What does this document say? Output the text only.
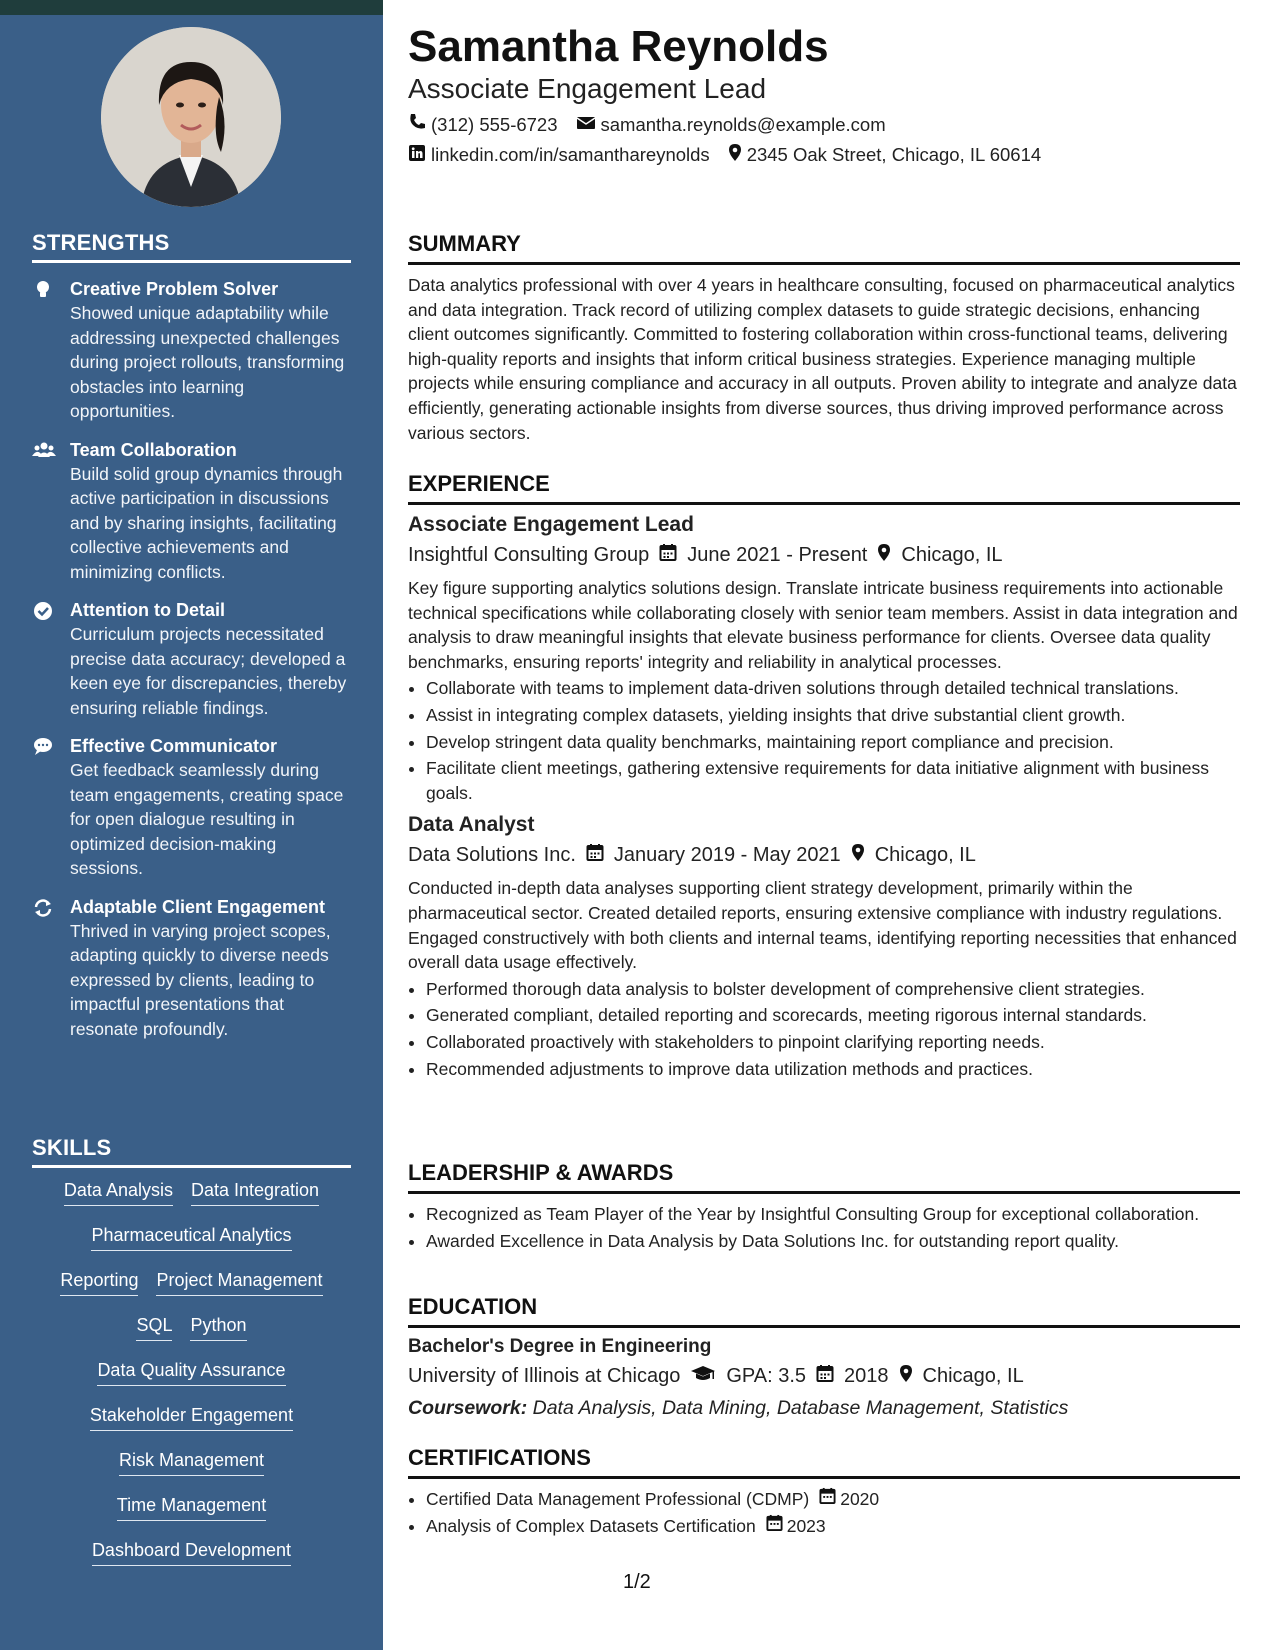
STRENGTHS
Creative Problem Solver
Showed unique adaptability while addressing unexpected challenges during project rollouts, transforming obstacles into learning opportunities.
Team Collaboration
Build solid group dynamics through active participation in discussions and by sharing insights, facilitating collective achievements and minimizing conflicts.
Attention to Detail
Curriculum projects necessitated precise data accuracy; developed a keen eye for discrepancies, thereby ensuring reliable findings.
Effective Communicator
Get feedback seamlessly during team engagements, creating space for open dialogue resulting in optimized decision-making sessions.
Adaptable Client Engagement
Thrived in varying project scopes, adapting quickly to diverse needs expressed by clients, leading to impactful presentations that resonate profoundly.
SKILLS
Data Analysis Data Integration
Pharmaceutical Analytics
Reporting Project Management
SQL Python
Data Quality Assurance
Stakeholder Engagement
Risk Management
Time Management
Dashboard Development
Samantha Reynolds
Associate Engagement Lead
(312) 555-6723 samantha.reynolds@example.com
linkedin.com/in/samanthareynolds 2345 Oak Street, Chicago, IL 60614
SUMMARY

Data analytics professional with over 4 years in healthcare consulting, focused on pharmaceutical analytics and data integration. Track record of utilizing complex datasets to guide strategic decisions, enhancing client outcomes significantly. Committed to fostering collaboration within cross-functional teams, delivering high-quality reports and insights that inform critical business strategies. Experience managing multiple projects while ensuring compliance and accuracy in all outputs. Proven ability to integrate and analyze data efficiently, generating actionable insights from diverse sources, thus driving improved performance across various sectors.

EXPERIENCE
Associate Engagement Lead
Insightful Consulting Group June 2021 - Present Chicago, IL

Key figure supporting analytics solutions design. Translate intricate business requirements into actionable technical specifications while collaborating closely with senior team members. Assist in data integration and analysis to draw meaningful insights that elevate business performance for clients. Oversee data quality benchmarks, ensuring reports' integrity and reliability in analytical processes.

• Collaborate with teams to implement data-driven solutions through detailed technical translations.
• Assist in integrating complex datasets, yielding insights that drive substantial client growth.
• Develop stringent data quality benchmarks, maintaining report compliance and precision.
• Facilitate client meetings, gathering extensive requirements for data initiative alignment with business goals.
Data Analyst
Data Solutions Inc. January 2019 - May 2021 Chicago, IL

Conducted in-depth data analyses supporting client strategy development, primarily within the pharmaceutical sector. Created detailed reports, ensuring extensive compliance with industry regulations. Engaged constructively with both clients and internal teams, identifying reporting necessities that enhanced overall data usage effectively.

• Performed thorough data analysis to bolster development of comprehensive client strategies.
• Generated compliant, detailed reporting and scorecards, meeting rigorous internal standards.
• Collaborated proactively with stakeholders to pinpoint clarifying reporting needs.
• Recommended adjustments to improve data utilization methods and practices.
LEADERSHIP & AWARDS
• Recognized as Team Player of the Year by Insightful Consulting Group for exceptional collaboration.
• Awarded Excellence in Data Analysis by Data Solutions Inc. for outstanding report quality.
EDUCATION
Bachelor's Degree in Engineering
University of Illinois at Chicago GPA: 3.5 2018 Chicago, IL
Coursework: Data Analysis, Data Mining, Database Management, Statistics
CERTIFICATIONS
• Certified Data Management Professional (CDMP) 2020
• Analysis of Complex Datasets Certification 2023
1/2
